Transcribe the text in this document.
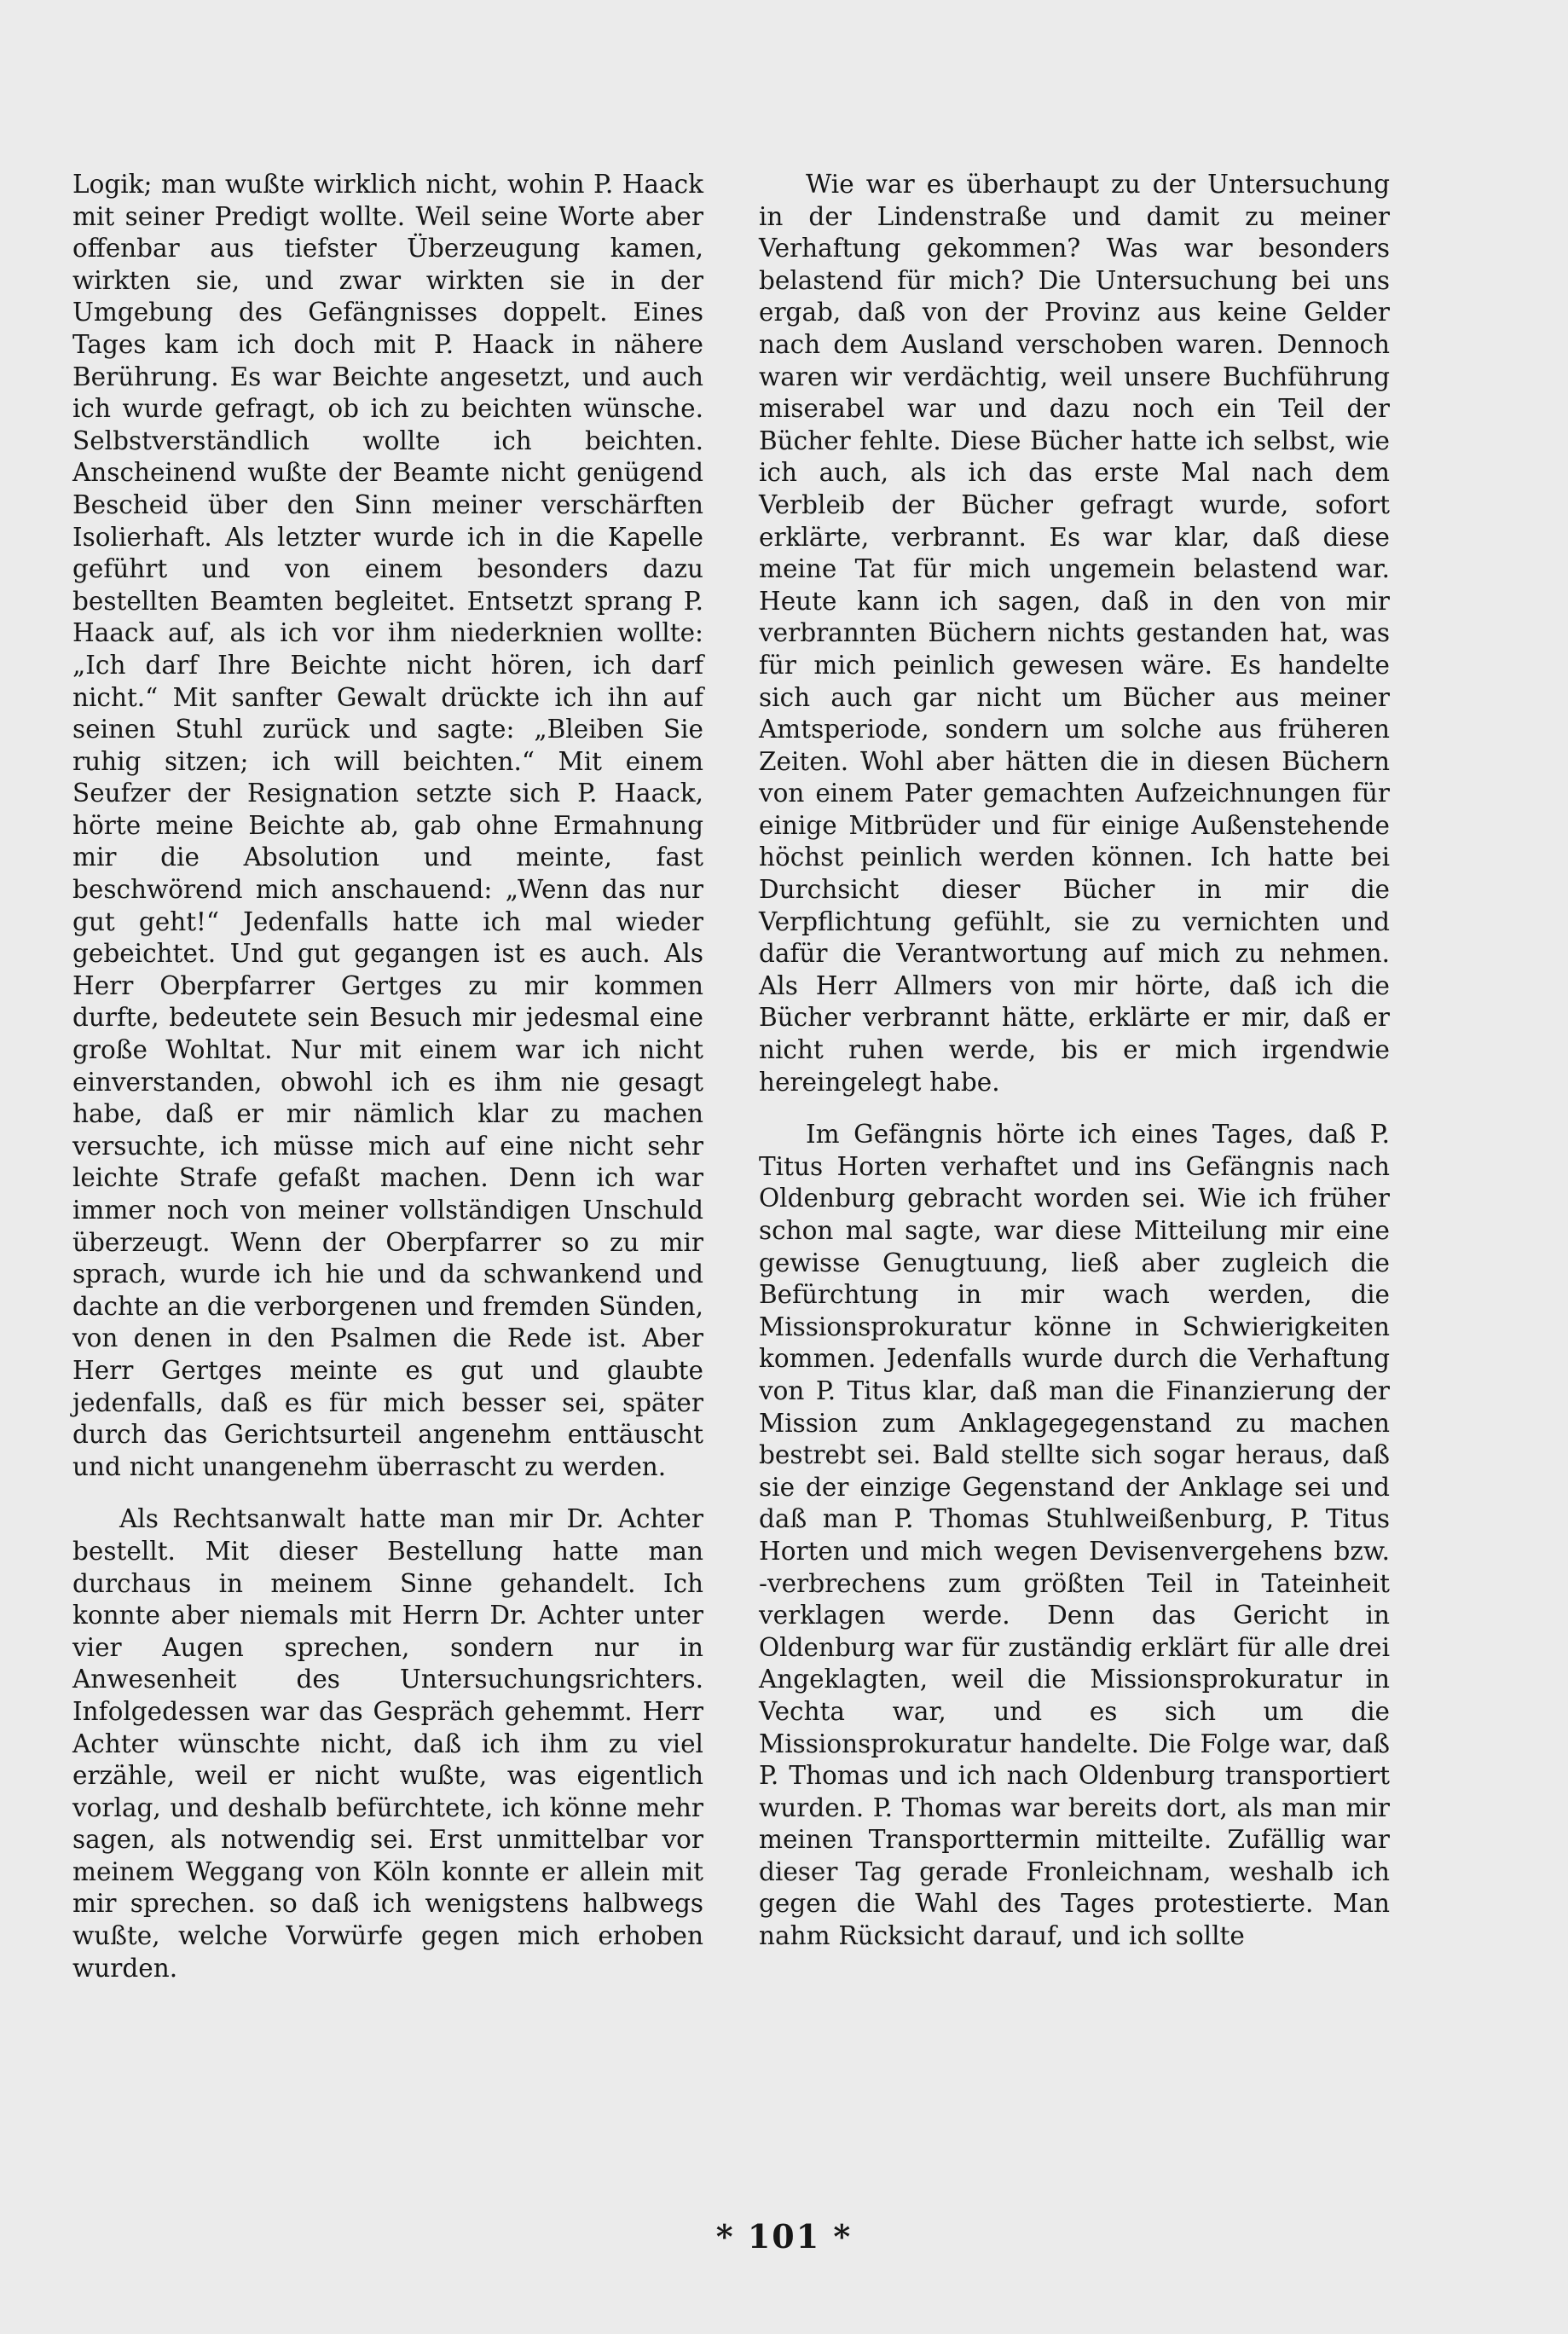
Logik; man wußte wirklich nicht, wohin P. Haack mit seiner Predigt wollte. Weil seine Worte aber offenbar aus tiefster Überzeugung kamen, wirkten sie, und zwar wirkten sie in der Umgebung des Gefängnisses doppelt. Eines Tages kam ich doch mit P. Haack in nähere Berührung. Es war Beichte angesetzt, und auch ich wurde gefragt, ob ich zu beichten wünsche. Selbstverständlich wollte ich beichten. Anscheinend wußte der Beamte nicht genügend Bescheid über den Sinn meiner verschärften Isolierhaft. Als letzter wurde ich in die Kapelle geführt und von einem besonders dazu bestellten Beamten begleitet. Entsetzt sprang P. Haack auf, als ich vor ihm niederknien wollte: „Ich darf Ihre Beichte nicht hören, ich darf nicht.“ Mit sanfter Gewalt drückte ich ihn auf seinen Stuhl zurück und sagte: „Bleiben Sie ruhig sitzen; ich will beichten.“ Mit einem Seufzer der Resignation setzte sich P. Haack, hörte meine Beichte ab, gab ohne Ermahnung mir die Absolution und meinte, fast beschwörend mich anschauend: „Wenn das nur gut geht!“ Jedenfalls hatte ich mal wieder gebeichtet. Und gut gegangen ist es auch. Als Herr Oberpfarrer Gertges zu mir kommen durfte, bedeutete sein Besuch mir jedesmal eine große Wohltat. Nur mit einem war ich nicht einverstanden, obwohl ich es ihm nie gesagt habe, daß er mir nämlich klar zu machen versuchte, ich müsse mich auf eine nicht sehr leichte Strafe gefaßt machen. Denn ich war immer noch von meiner vollständigen Unschuld überzeugt. Wenn der Oberpfarrer so zu mir sprach, wurde ich hie und da schwankend und dachte an die verborgenen und fremden Sünden, von denen in den Psalmen die Rede ist. Aber Herr Gertges meinte es gut und glaubte jedenfalls, daß es für mich besser sei, später durch das Gerichtsurteil angenehm enttäuscht und nicht unangenehm überrascht zu werden.

Als Rechtsanwalt hatte man mir Dr. Achter bestellt. Mit dieser Bestellung hatte man durchaus in meinem Sinne gehandelt. Ich konnte aber niemals mit Herrn Dr. Achter unter vier Augen sprechen, sondern nur in Anwesenheit des Untersuchungsrichters. Infolgedessen war das Gespräch gehemmt. Herr Achter wünschte nicht, daß ich ihm zu viel erzähle, weil er nicht wußte, was eigentlich vorlag, und deshalb befürchtete, ich könne mehr sagen, als notwendig sei. Erst unmittelbar vor meinem Weggang von Köln konnte er allein mit mir sprechen. so daß ich wenigstens halbwegs wußte, welche Vorwürfe gegen mich erhoben wurden.

Wie war es überhaupt zu der Untersuchung in der Lindenstraße und damit zu meiner Verhaftung gekommen? Was war besonders belastend für mich? Die Untersuchung bei uns ergab, daß von der Provinz aus keine Gelder nach dem Ausland verschoben waren. Dennoch waren wir verdächtig, weil unsere Buchführung miserabel war und dazu noch ein Teil der Bücher fehlte. Diese Bücher hatte ich selbst, wie ich auch, als ich das erste Mal nach dem Verbleib der Bücher gefragt wurde, sofort erklärte, verbrannt. Es war klar, daß diese meine Tat für mich ungemein belastend war. Heute kann ich sagen, daß in den von mir verbrannten Büchern nichts gestanden hat, was für mich peinlich gewesen wäre. Es handelte sich auch gar nicht um Bücher aus meiner Amtsperiode, sondern um solche aus früheren Zeiten. Wohl aber hätten die in diesen Büchern von einem Pater gemachten Aufzeichnungen für einige Mitbrüder und für einige Außenstehende höchst peinlich werden können. Ich hatte bei Durchsicht dieser Bücher in mir die Verpflichtung gefühlt, sie zu vernichten und dafür die Verantwortung auf mich zu nehmen. Als Herr Allmers von mir hörte, daß ich die Bücher verbrannt hätte, erklärte er mir, daß er nicht ruhen werde, bis er mich irgendwie hereingelegt habe.

Im Gefängnis hörte ich eines Tages, daß P. Titus Horten verhaftet und ins Gefängnis nach Oldenburg gebracht worden sei. Wie ich früher schon mal sagte, war diese Mitteilung mir eine gewisse Genugtuung, ließ aber zugleich die Befürchtung in mir wach werden, die Missionsprokuratur könne in Schwierigkeiten kommen. Jedenfalls wurde durch die Verhaftung von P. Titus klar, daß man die Finanzierung der Mission zum Anklagegegenstand zu machen bestrebt sei. Bald stellte sich sogar heraus, daß sie der einzige Gegenstand der Anklage sei und daß man P. Thomas Stuhlweißenburg, P. Titus Horten und mich wegen Devisenvergehens bzw. -verbrechens zum größten Teil in Tateinheit verklagen werde. Denn das Gericht in Oldenburg war für zuständig erklärt für alle drei Angeklagten, weil die Missionsprokuratur in Vechta war, und es sich um die Missionsprokuratur handelte. Die Folge war, daß P. Thomas und ich nach Oldenburg transportiert wurden. P. Thomas war bereits dort, als man mir meinen Transporttermin mitteilte. Zufällig war dieser Tag gerade Fronleichnam, weshalb ich gegen die Wahl des Tages protestierte. Man nahm Rücksicht darauf, und ich sollte

* 101 *
